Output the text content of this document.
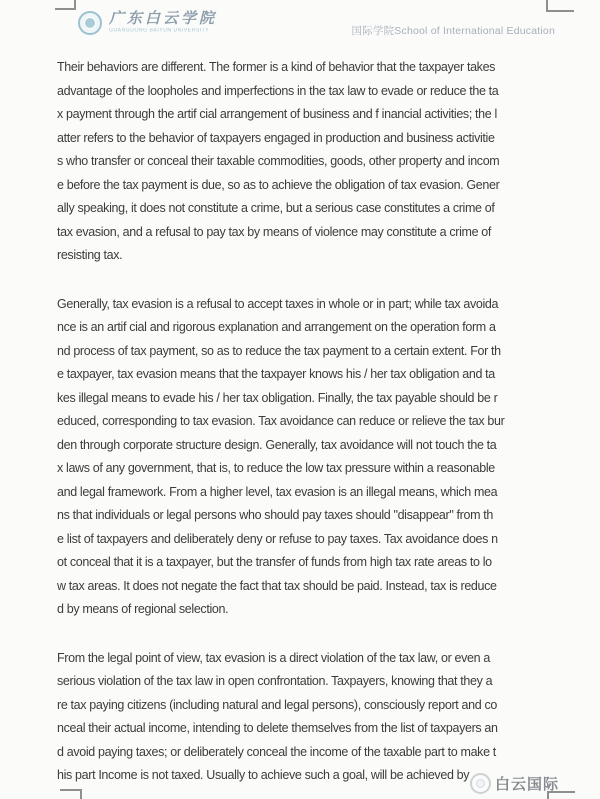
广东白云学院
GUANGDONG BAIYUN UNIVERSITY	国际学院School of International Education
Their behaviors are different. The former is a kind of behavior that the taxpayer takes
advantage of the loopholes and imperfections in the tax law to evade or reduce the ta
x payment through the artif cial arrangement of business and f inancial activities; the l
atter refers to the behavior of taxpayers engaged in production and business activitie
s who transfer or conceal their taxable commodities, goods, other property and incom
e before the tax payment is due, so as to achieve the obligation of tax evasion. Gener
ally speaking, it does not constitute a crime, but a serious case constitutes a crime of
tax evasion, and a refusal to pay tax by means of violence may constitute a crime of
resisting tax.
Generally, tax evasion is a refusal to accept taxes in whole or in part; while tax avoida
nce is an artif cial and rigorous explanation and arrangement on the operation form a
nd process of tax payment, so as to reduce the tax payment to a certain extent. For th
e taxpayer, tax evasion means that the taxpayer knows his / her tax obligation and ta
kes illegal means to evade his / her tax obligation. Finally, the tax payable should be r
educed, corresponding to tax evasion. Tax avoidance can reduce or relieve the tax bur
den through corporate structure design. Generally, tax avoidance will not touch the ta
x laws of any government, that is, to reduce the low tax pressure within a reasonable
and legal framework. From a higher level, tax evasion is an illegal means, which mea
ns that individuals or legal persons who should pay taxes should "disappear" from th
e list of taxpayers and deliberately deny or refuse to pay taxes. Tax avoidance does n
ot conceal that it is a taxpayer, but the transfer of funds from high tax rate areas to lo
w tax areas. It does not negate the fact that tax should be paid. Instead, tax is reduce
d by means of regional selection.
From the legal point of view, tax evasion is a direct violation of the tax law, or even a
serious violation of the tax law in open confrontation. Taxpayers, knowing that they a
re tax paying citizens (including natural and legal persons), consciously report and co
nceal their actual income, intending to delete themselves from the list of taxpayers an
d avoid paying taxes; or deliberately conceal the income of the taxable part to make t
his part Income is not taxed. Usually to achieve such a goal, will be achieved by
白云国际
